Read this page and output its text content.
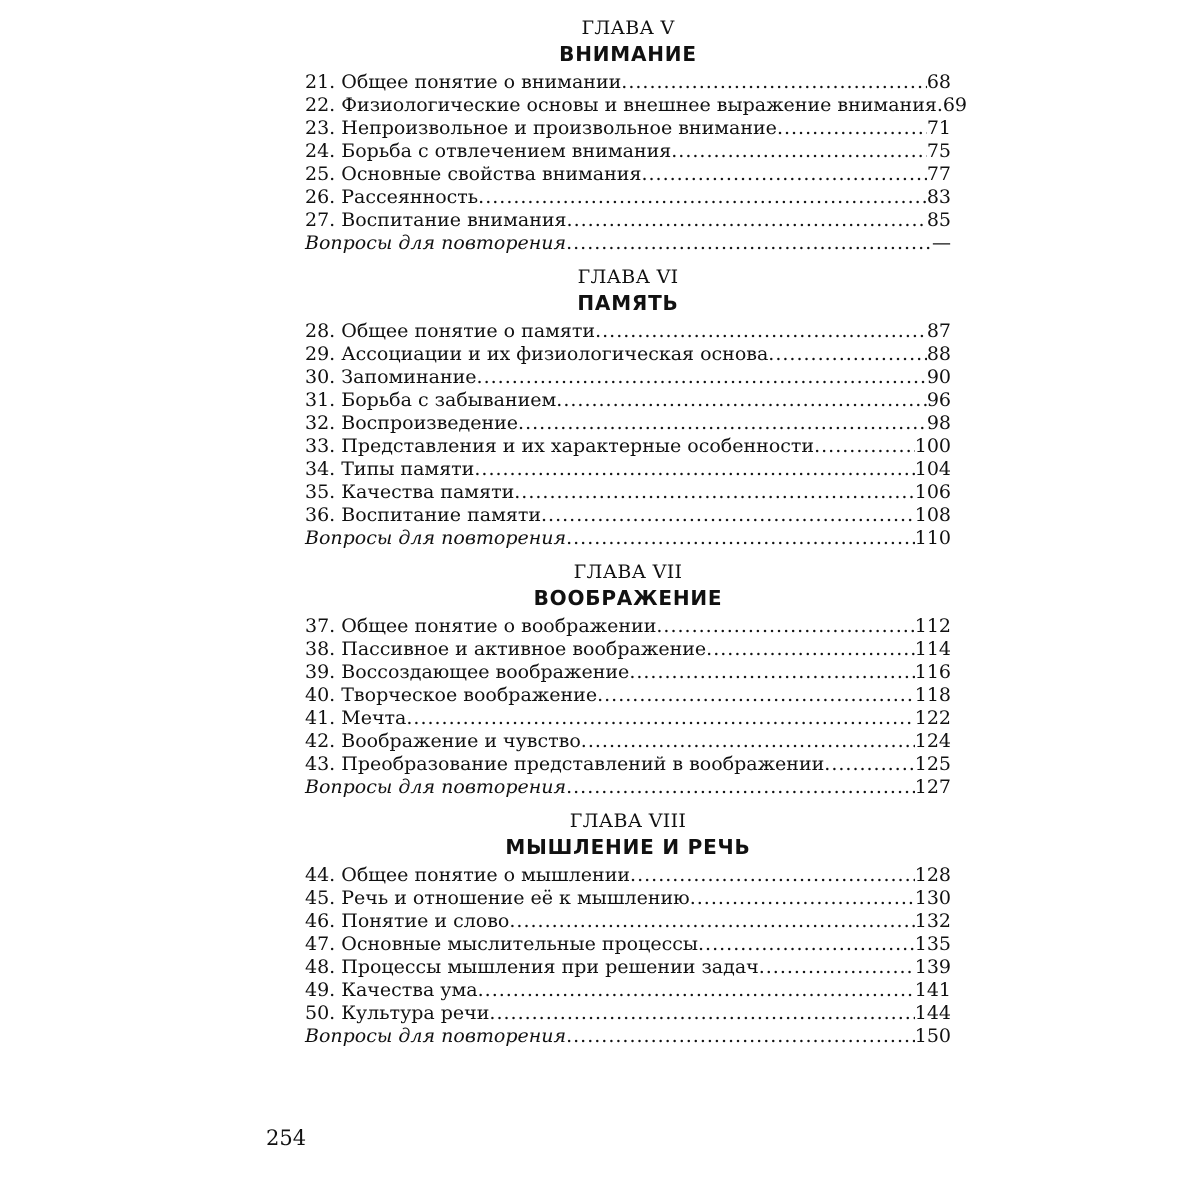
ГЛАВА V
ВНИМАНИЕ
21. Общее понятие о внимании .....	68
22. Физиологические основы и внешнее выражение внимания ..... 69
23. Непроизвольное и произвольное внимание .....	71
24. Борьба с отвлечением внимания .....	75
25. Основные свойства внимания .....	77
26. Рассеянность .....	83
27. Воспитание внимания .....	85
Вопросы для повторения .....	—
ГЛАВА VI
ПАМЯТЬ
28. Общее понятие о памяти .....	87
29. Ассоциации и их физиологическая основа .....	88
30. Запоминание .....	90
31. Борьба с забыванием .....	96
32. Воспроизведение .....	98
33. Представления и их характерные особенности .....	100
34. Типы памяти .....	104
35. Качества памяти .....	106
36. Воспитание памяти .....	108
Вопросы для повторения .....	110
ГЛАВА VII
ВООБРАЖЕНИЕ
37. Общее понятие о воображении .....	112
38. Пассивное и активное воображение .....	114
39. Воссоздающее воображение .....	116
40. Творческое воображение .....	118
41. Мечта .....	122
42. Воображение и чувство .....	124
43. Преобразование представлений в воображении .....	125
Вопросы для повторения .....	127
ГЛАВА VIII
МЫШЛЕНИЕ И РЕЧЬ
44. Общее понятие о мышлении .....	128
45. Речь и отношение её к мышлению .....	130
46. Понятие и слово .....	132
47. Основные мыслительные процессы .....	135
48. Процессы мышления при решении задач .....	139
49. Качества ума .....	141
50. Культура речи .....	144
Вопросы для повторения .....	150
254
